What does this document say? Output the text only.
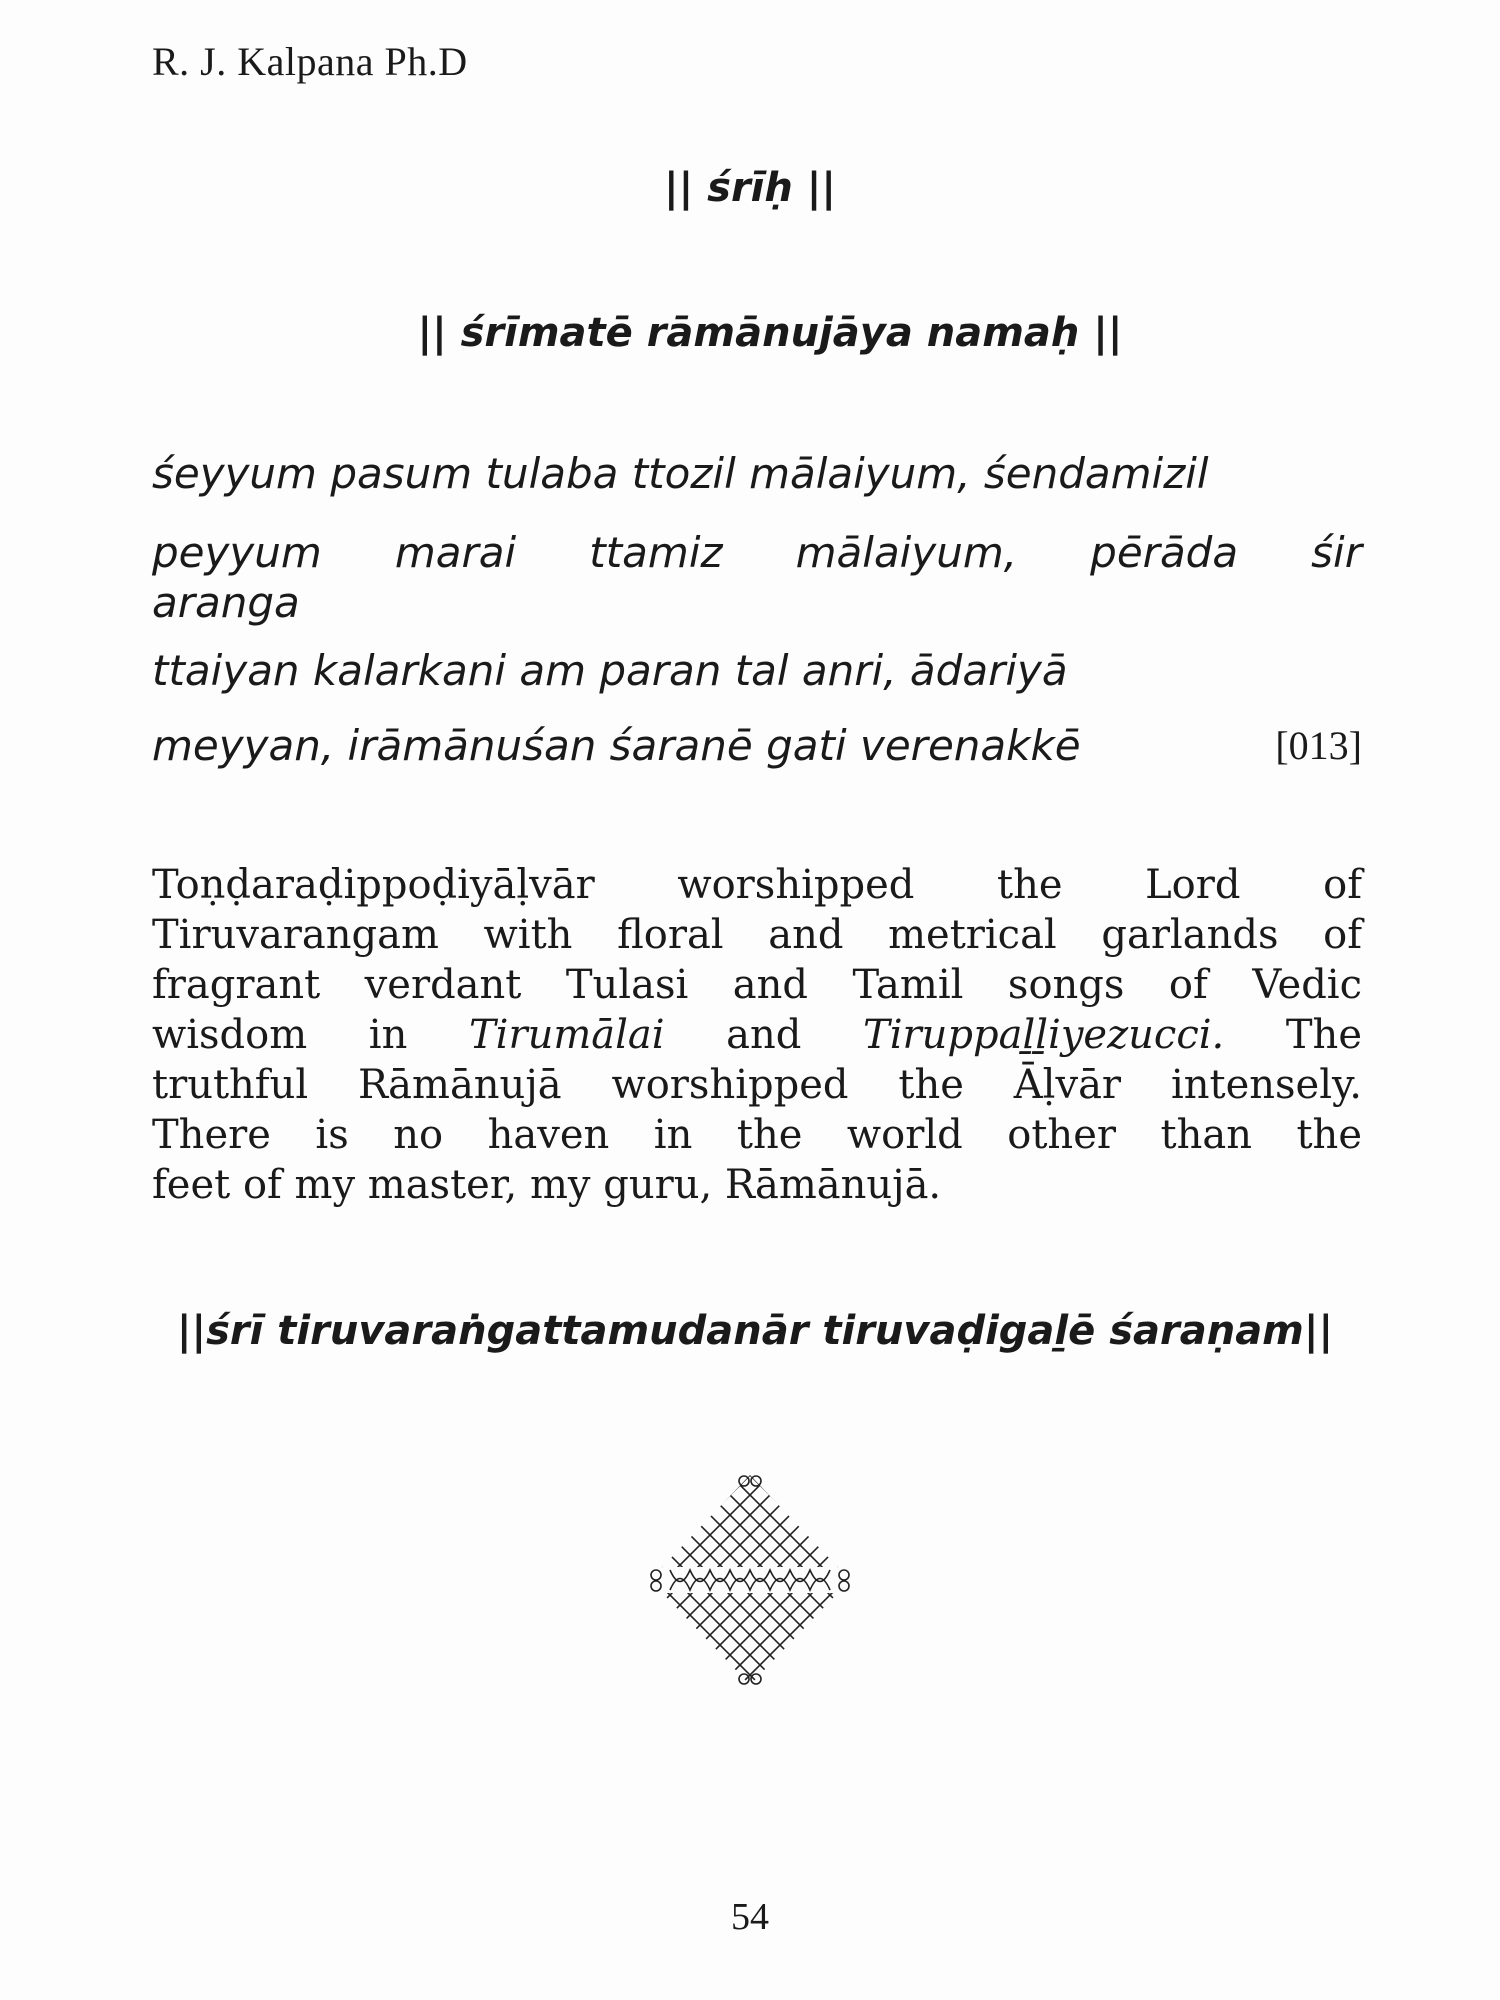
R. J. Kalpana Ph.D
|| śrīḥ ||
|| śrīmatē rāmānujāya namaḥ ||
śeyyum pasum tulaba ttozil mālaiyum, śendamizil
peyyum marai ttamiz mālaiyum, pērāda śir
aranga
ttaiyan kalarkani am paran tal anri, ādariyā
meyyan, irāmānuśan śaranē gati verenakkē	[013]

Toṇḍaraḍippoḍiyāḷvār worshipped the Lord of

Tiruvarangam with floral and metrical garlands of

fragrant verdant Tulasi and Tamil songs of Vedic

wisdom in Tirumālai and Tiruppaḻḻiyezucci. The

truthful Rāmānujā worshipped the Āḷvār intensely.

There is no haven in the world other than the

feet of my master, my guru, Rāmānujā.

||śrī tiruvaraṅgattamudanār tiruvaḍigaḻē śaraṇam||
54
